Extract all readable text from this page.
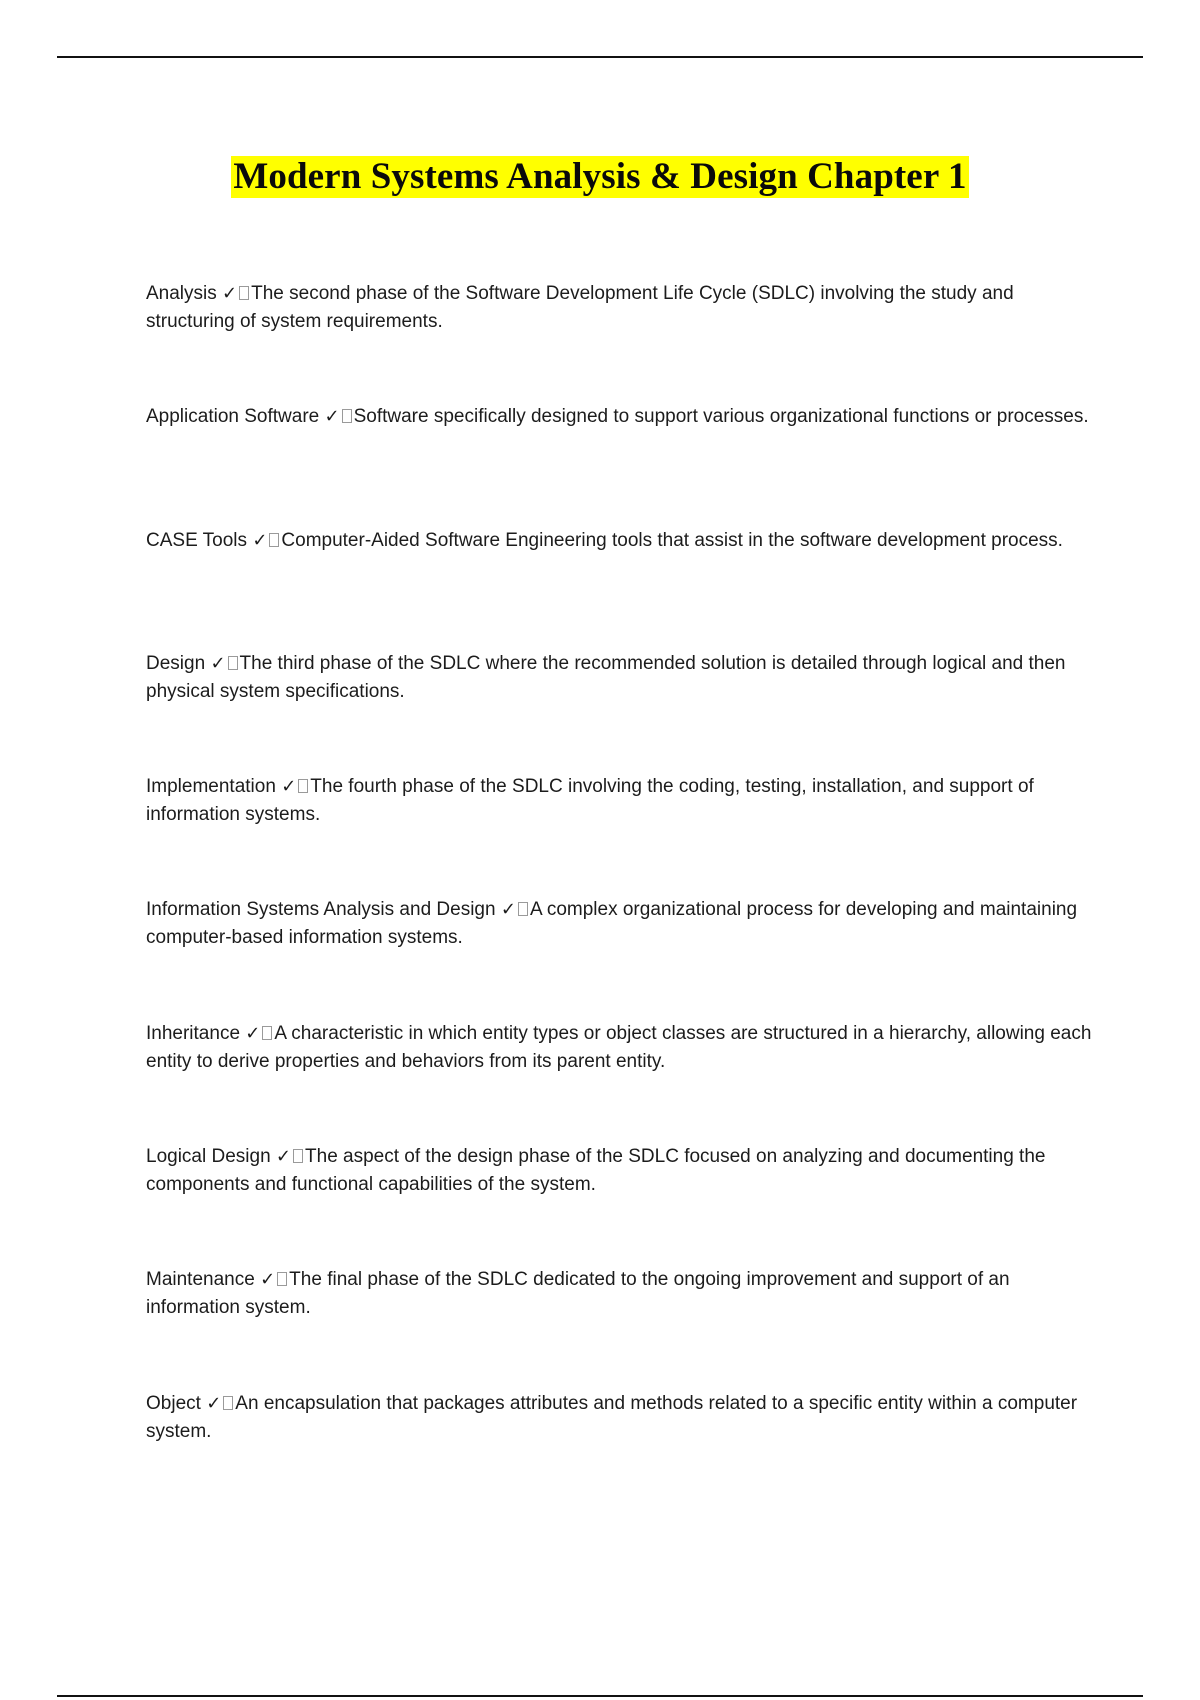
Modern Systems Analysis & Design Chapter 1
Analysis ✓ The second phase of the Software Development Life Cycle (SDLC) involving the study and structuring of system requirements.
Application Software ✓ Software specifically designed to support various organizational functions or processes.
CASE Tools ✓ Computer-Aided Software Engineering tools that assist in the software development process.
Design ✓ The third phase of the SDLC where the recommended solution is detailed through logical and then physical system specifications.
Implementation ✓ The fourth phase of the SDLC involving the coding, testing, installation, and support of information systems.
Information Systems Analysis and Design ✓ A complex organizational process for developing and maintaining computer-based information systems.
Inheritance ✓ A characteristic in which entity types or object classes are structured in a hierarchy, allowing each entity to derive properties and behaviors from its parent entity.
Logical Design ✓ The aspect of the design phase of the SDLC focused on analyzing and documenting the components and functional capabilities of the system.
Maintenance ✓ The final phase of the SDLC dedicated to the ongoing improvement and support of an information system.
Object ✓ An encapsulation that packages attributes and methods related to a specific entity within a computer system.
